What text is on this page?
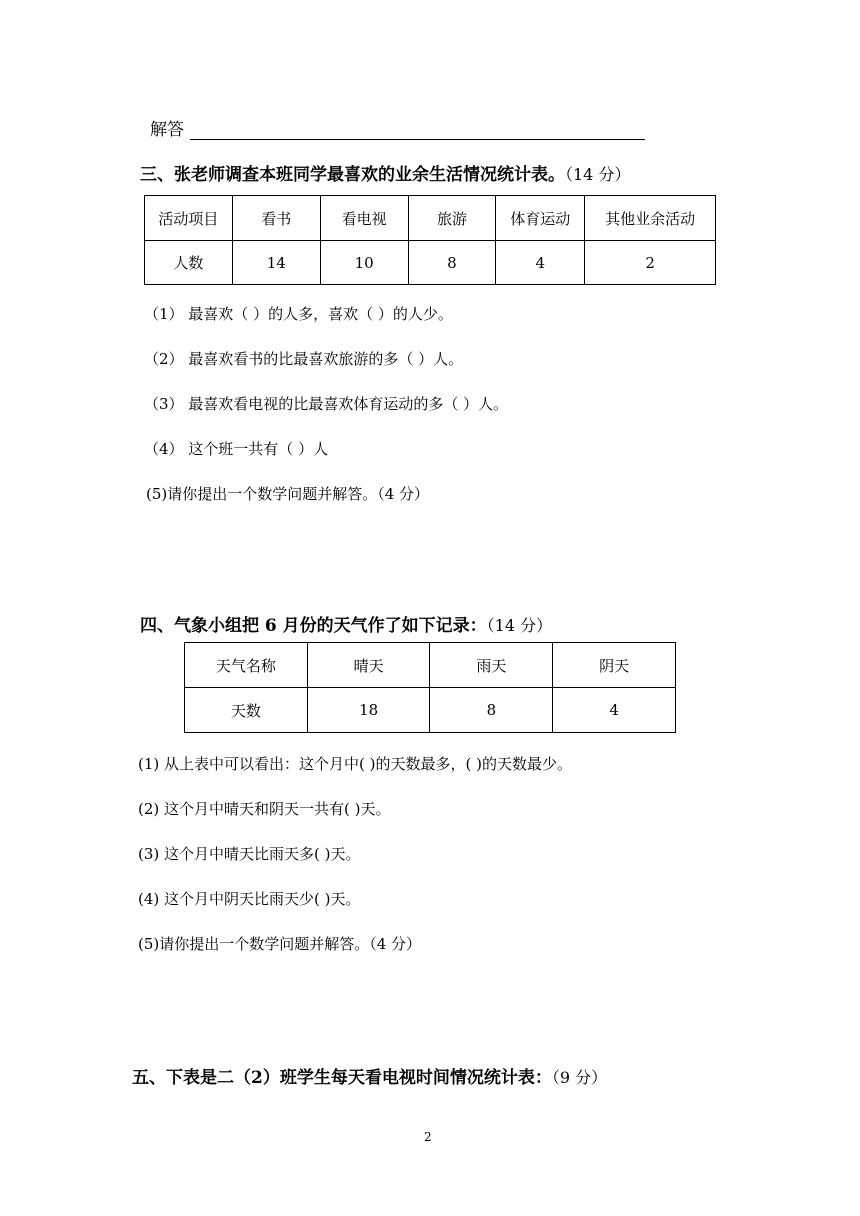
解答
三、张老师调查本班同学最喜欢的业余生活情况统计表。（14 分）
活动项目	看书	看电视	旅游	体育运动	其他业余活动
人数	14	10	8	4	2
（1） 最喜欢（ ）的人多，喜欢（ ）的人少。
（2） 最喜欢看书的比最喜欢旅游的多（ ）人。
（3） 最喜欢看电视的比最喜欢体育运动的多（ ）人。
（4） 这个班一共有（ ）人
(5)请你提出一个数学问题并解答。（4 分）
四、气象小组把 6 月份的天气作了如下记录：（14 分）
天气名称	晴天	雨天	阴天
天数	18	8	4
(1) 从上表中可以看出：这个月中( )的天数最多，( )的天数最少。
(2) 这个月中晴天和阴天一共有( )天。
(3) 这个月中晴天比雨天多( )天。
(4) 这个月中阴天比雨天少( )天。
(5)请你提出一个数学问题并解答。（4 分）
五、下表是二（2）班学生每天看电视时间情况统计表：（9 分）
2
